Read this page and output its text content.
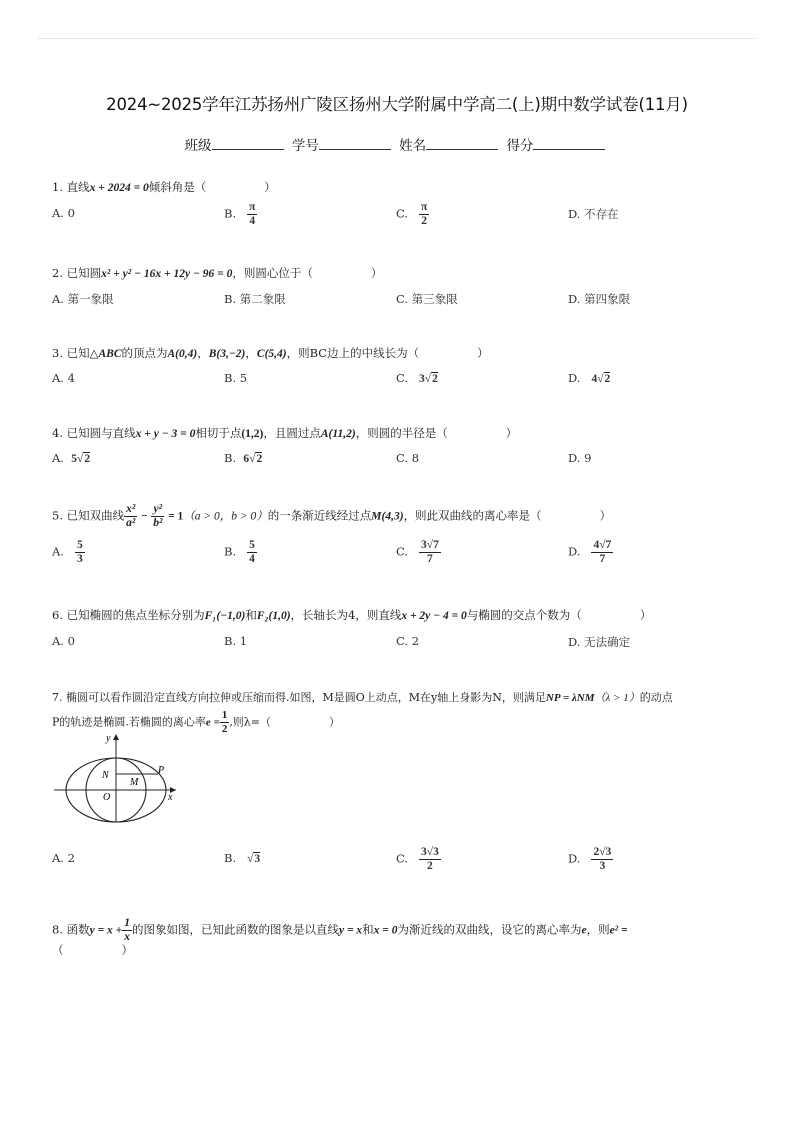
2024~2025学年江苏扬州广陵区扬州大学附属中学高二(上)期中数学试卷(11月)
班级	学号	姓名	得分
1. 直线x + 2024 = 0倾斜角是（	）
A. 0	B. $\frac{\pi}{4}$	C. $\frac{\pi}{2}$	D. 不存在
2. 已知圆x² + y² − 16x + 12y − 96 = 0，则圆心位于（	）
A. 第一象限	B. 第二象限	C. 第三象限	D. 第四象限
3. 已知△ABC的顶点为A(0,4)，B(3,−2)，C(5,4)，则BC边上的中线长为（	）
A. 4	B. 5	C. 3√2	D. 4√2
4. 已知圆与直线x + y − 3 = 0相切于点(1,2)，且圆过点A(11,2)，则圆的半径是（	）
A. 5√2	B. 6√2	C. 8	D. 9
5. 已知双曲线 $\frac{\text{x²}}{\text{a²}} - \frac{\text{y²}}{\text{b²}} = 1(a > 0$，b > 0）的一条渐近线经过点M(4,3)，则此双曲线的离心率是（	）
A. $\frac{5}{3}$	B. $\frac{5}{4}$	C. $\frac{3√7}{7}$	D. $\frac{4√7}{7}$
6. 已知椭圆的焦点坐标分别为F₁(−1,0)和F₂(1,0)，长轴长为4，则直线x + 2y − 4 = 0与椭圆的交点个数为（	）
A. 0	B. 1	C. 2	D. 无法确定
7. 椭圆可以看作圆沿定直线方向拉伸或压缩而得.如图，M是圆O上动点，M在y轴上身影为N，则满足NP = λNM（λ > 1）的动点
P的轨迹是椭圆.若椭圆的离心率$e = \frac{1}{2}$ ,则λ=（	）
N
M
P
O	x
y
A. 2	B. √3	C. $\frac{3√3}{2}$	D. $\frac{2√3}{3}$
8. 函数$y = x + \frac{1}{x}$ 的图象如图，已知此函数的图象是以直线y = x和x = 0为渐近线的双曲线，设它的离心率为e，则e² =
（	）
